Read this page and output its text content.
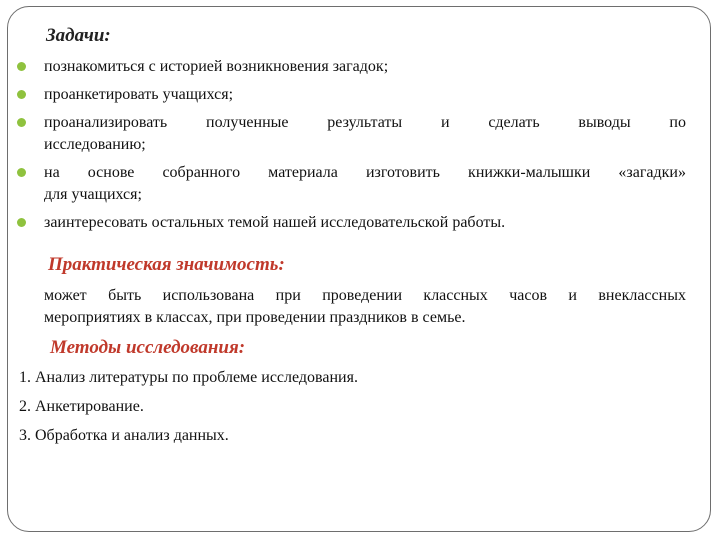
Задачи:
познакомиться с историей возникновения загадок;
проанкетировать учащихся;
проанализировать полученные результаты и сделать выводы по
исследованию;
на основе собранного материала изготовить книжки-малышки «загадки»
для учащихся;
заинтересовать остальных темой нашей исследовательской работы.
Практическая значимость:
может быть использована при проведении классных часов и внеклассных
мероприятиях в классах, при проведении праздников в семье.
Методы исследования:
1. Анализ литературы по проблеме исследования.
2. Анкетирование.
3. Обработка и анализ данных.
